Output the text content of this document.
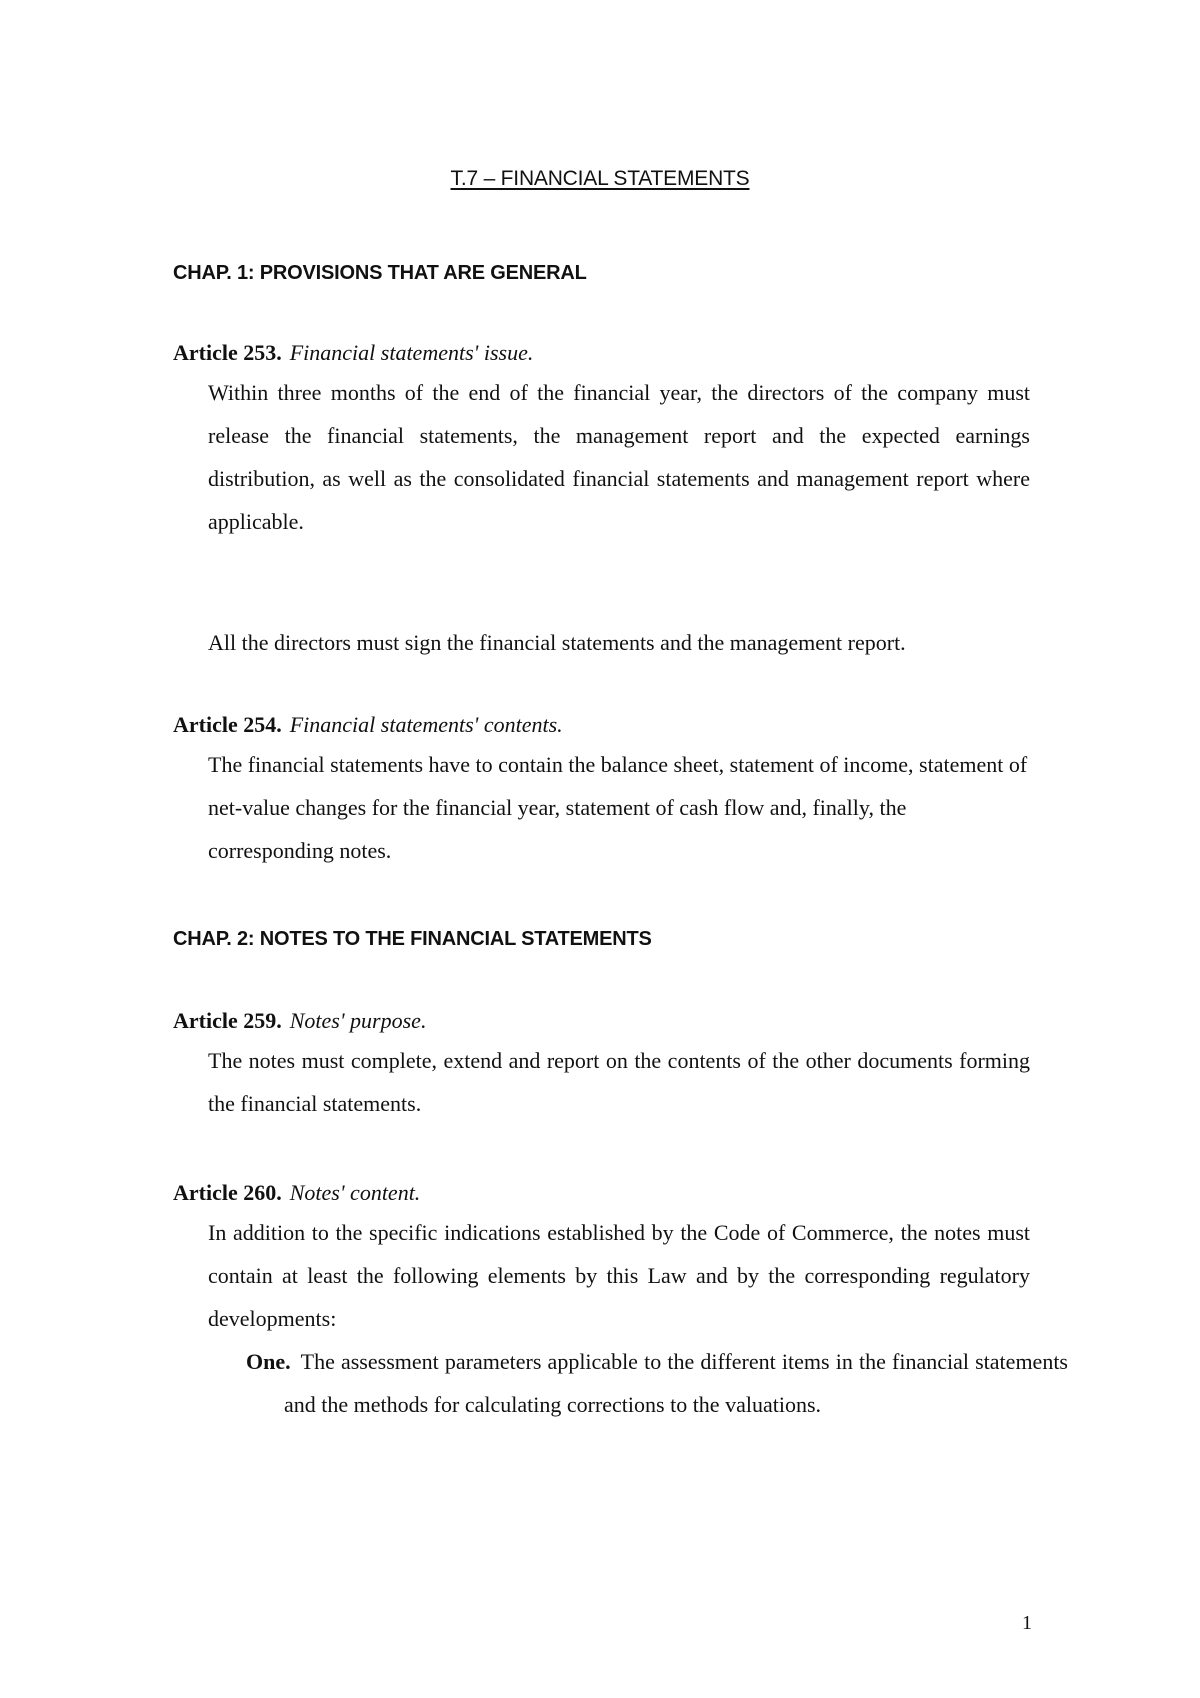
T.7 – FINANCIAL STATEMENTS
CHAP. 1: PROVISIONS THAT ARE GENERAL
Article 253. Financial statements' issue.

Within three months of the end of the financial year, the directors of the company must release the financial statements, the management report and the expected earnings distribution, as well as the consolidated financial statements and management report where applicable.

All the directors must sign the financial statements and the management report.

Article 254. Financial statements' contents.

The financial statements have to contain the balance sheet, statement of income, statement of net-value changes for the financial year, statement of cash flow and, finally, the corresponding notes.

CHAP. 2: NOTES TO THE FINANCIAL STATEMENTS
Article 259. Notes' purpose.

The notes must complete, extend and report on the contents of the other documents forming the financial statements.

Article 260. Notes' content.

In addition to the specific indications established by the Code of Commerce, the notes must contain at least the following elements by this Law and by the corresponding regulatory developments:

One. The assessment parameters applicable to the different items in the financial statements and the methods for calculating corrections to the valuations.

1
